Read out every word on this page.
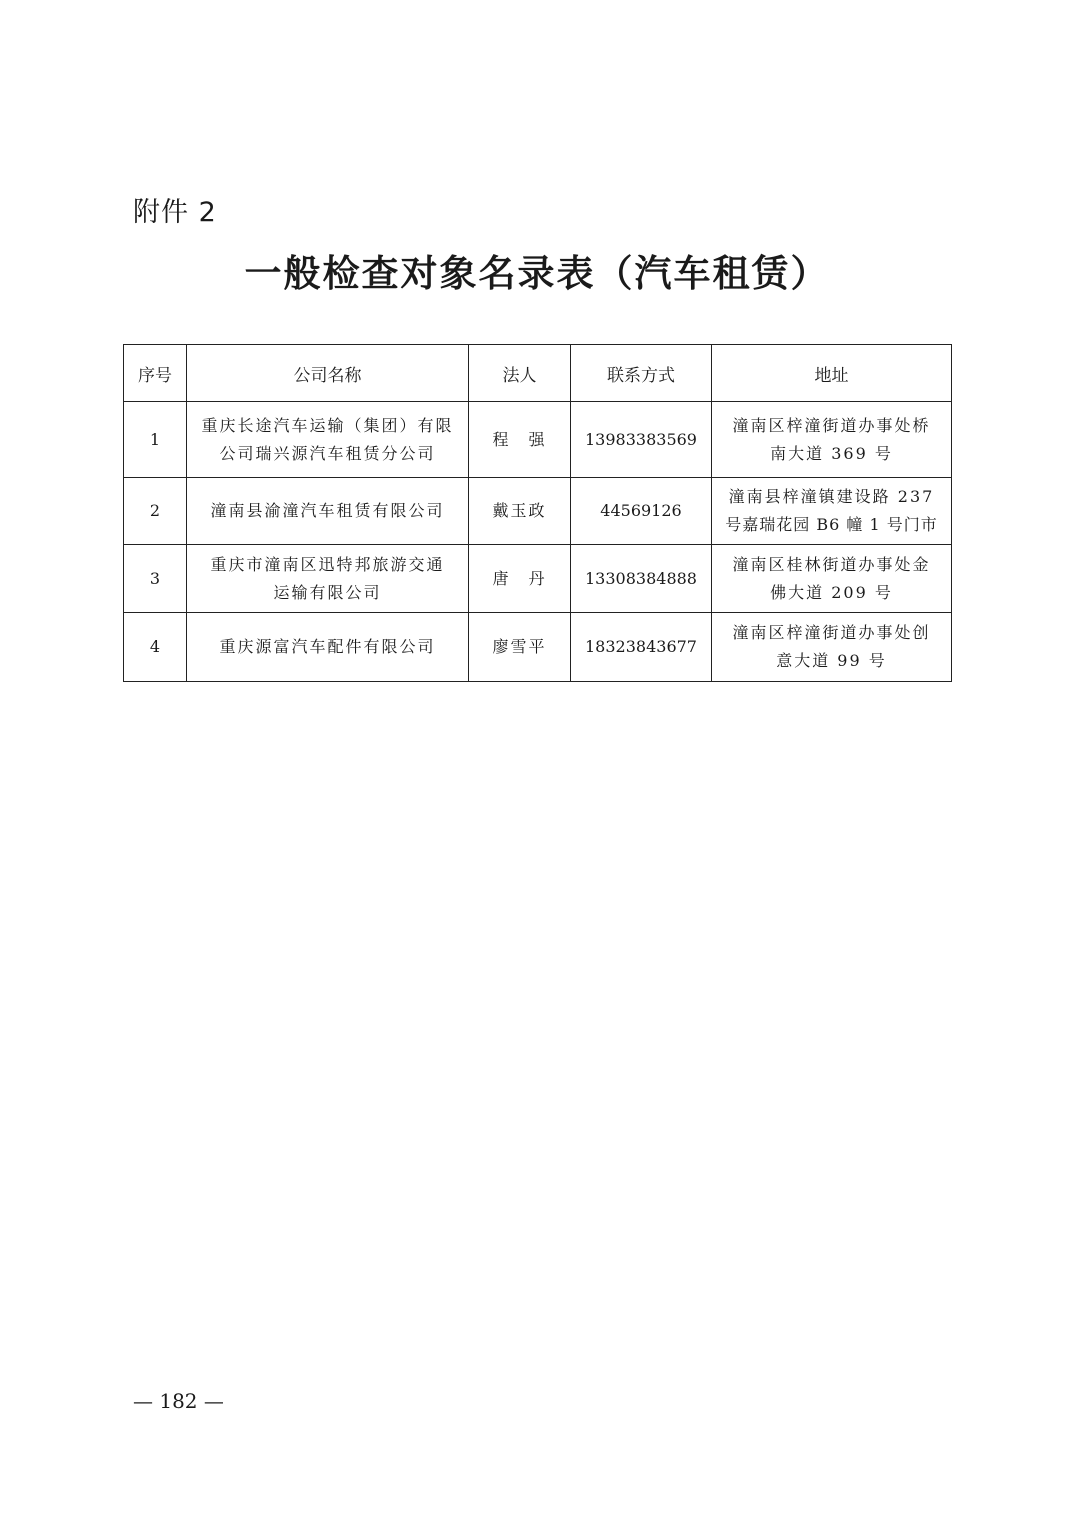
附件 2
一般检查对象名录表（汽车租赁）
序号	公司名称	法人	联系方式	地址
1	重庆长途汽车运输（集团）有限
公司瑞兴源汽车租赁分公司	程　强	13983383569	潼南区梓潼街道办事处桥
南大道 369 号

2	潼南县渝潼汽车租赁有限公司	戴玉政	44569126	潼南县梓潼镇建设路 237
号嘉瑞花园 B6 幢 1 号门市

3	重庆市潼南区迅特邦旅游交通
运输有限公司	唐　丹	13308384888	潼南区桂林街道办事处金
佛大道 209 号

4	重庆源富汽车配件有限公司	廖雪平	18323843677	潼南区梓潼街道办事处创
意大道 99 号
— 182 —
